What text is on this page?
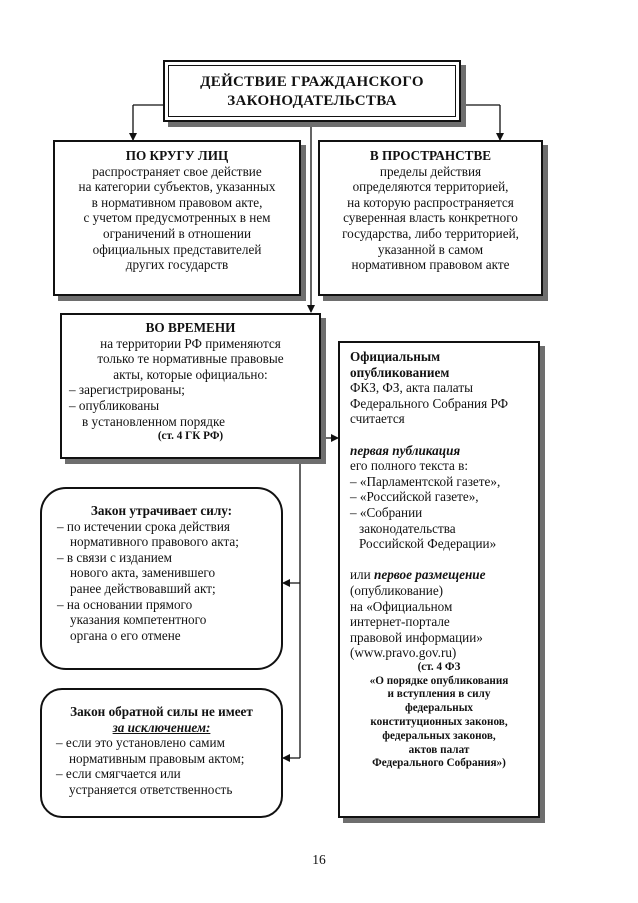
ДЕЙСТВИЕ ГРАЖДАНСКОГО
ЗАКОНОДАТЕЛЬСТВА
ПО КРУГУ ЛИЦ
распространяет свое действие
на категории субъектов, указанных
в нормативном правовом акте,
с учетом предусмотренных в нем
ограничений в отношении
официальных представителей
других государств
В ПРОСТРАНСТВЕ
пределы действия
определяются территорией,
на которую распространяется
суверенная власть конкретного
государства, либо территорией,
указанной в самом
нормативном правовом акте
ВО ВРЕМЕНИ
на территории РФ применяются
только те нормативные правовые
акты, которые официально:
– зарегистрированы;
– опубликованы
в установленном порядке
(ст. 4 ГК РФ)
Официальным
опубликованием
ФКЗ, ФЗ, акта палаты
Федерального Собрания РФ
считается
первая публикация
его полного текста в:
– «Парламентской газете»,
– «Российской газете»,
– «Собрании
законодательства
Российской Федерации»
или первое размещение
(опубликование)
на «Официальном
интернет-портале
правовой информации»
(www.pravo.gov.ru)
(ст. 4 ФЗ
«О порядке опубликования
и вступления в силу
федеральных
конституционных законов,
федеральных законов,
актов палат
Федерального Собрания»)
Закон утрачивает силу:
– по истечении срока действия
нормативного правового акта;
– в связи с изданием
нового акта, заменившего
ранее действовавший акт;
– на основании прямого
указания компетентного
органа о его отмене
Закон обратной силы не имеет
за исключением:
– если это установлено самим
нормативным правовым актом;
– если смягчается или
устраняется ответственность
16
